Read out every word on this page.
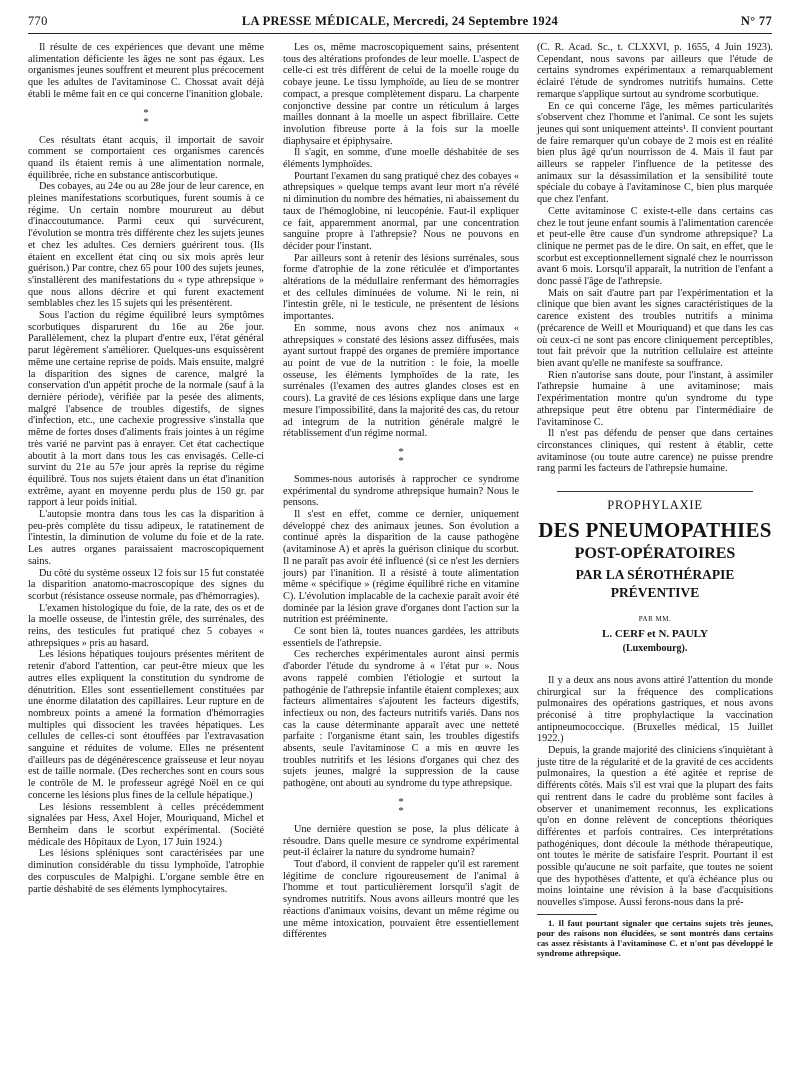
770	LA PRESSE MÉDICALE, Mercredi, 24 Septembre 1924	N° 77

Il résulte de ces expériences que devant une même alimentation déficiente les âges ne sont pas égaux. Les organismes jeunes souffrent et meurent plus précocement que les adultes de l'avitaminose C. Chossat avait déjà établi le même fait en ce qui concerne l'inanition globale.

*
*

Ces résultats étant acquis, il importait de savoir comment se comportaient ces organismes carencés quand ils étaient remis à une alimentation normale, équilibrée, riche en substance antiscorbutique.

Des cobayes, au 24e ou au 28e jour de leur carence, en pleines manifestations scorbutiques, furent soumis à ce régime. Un certain nombre mourureut au début d'inaccoutumance. Parmi ceux qui survécurent, l'évolution se montra très différente chez les sujets jeunes et chez les adultes. Ces derniers guérirent tous. (Ils étaient en excellent état cinq ou six mois après leur guérison.) Par contre, chez 65 pour 100 des sujets jeunes, s'installèrent des manifestations du « type athrepsique » que nous allons décrire et qui furent exactement semblables chez les 15 sujets qui les présentèrent.

Sous l'action du régime équilibré leurs symptômes scorbutiques disparurent du 16e au 26e jour. Parallèlement, chez la plupart d'entre eux, l'état général parut légèrement s'améliorer. Quelques-uns esquissèrent même une certaine reprise de poids. Mais ensuite, malgré la disparition des signes de carence, malgré la conservation d'un appétit proche de la normale (sauf à la dernière période), vérifiée par la pesée des aliments, malgré l'absence de troubles digestifs, de signes d'infection, etc., une cachexie progressive s'installa que même de fortes doses d'aliments frais jointes à un régime très varié ne parvint pas à enrayer. Cet état cachectique aboutit à la mort dans tous les cas envisagés. Celle-ci survint du 21e au 57e jour après la reprise du régime équilibré. Tous nos sujets étaient dans un état d'inanition extrême, ayant en moyenne perdu plus de 150 gr. par rapport à leur poids initial.

L'autopsie montra dans tous les cas la disparition à peu-près complète du tissu adipeux, le ratatinement de l'intestin, la diminution de volume du foie et de la rate. Les autres organes paraissaient macroscopiquement sains.

Du côté du système osseux 12 fois sur 15 fut constatée la disparition anatomo-macroscopique des signes du scorbut (résistance osseuse normale, pas d'hémorragies).

L'examen histologique du foie, de la rate, des os et de la moelle osseuse, de l'intestin grêle, des surrénales, des reins, des testicules fut pratiqué chez 5 cobayes « athrepsiques » pris au hasard.

Les lésions hépatiques toujours présentes méritent de retenir d'abord l'attention, car peut-être mieux que les autres elles expliquent la constitution du syndrome de dénutrition. Elles sont essentiellement constituées par une énorme dilatation des capillaires. Leur rupture en de nombreux points a amené la formation d'hémorragies multiples qui dissocient les travées hépatiques. Les cellules de celles-ci sont étouffées par l'extravasation sanguine et réduites de volume. Elles ne présentent d'ailleurs pas de dégénérescence graisseuse et leur noyau est de taille normale. (Des recherches sont en cours sous le contrôle de M. le professeur agrégé Noël en ce qui concerne les lésions plus fines de la cellule hépatique.)

Les lésions ressemblent à celles précédemment signalées par Hess, Axel Hojer, Mouriquand, Michel et Bernheim dans le scorbut expérimental. (Société médicale des Hôpitaux de Lyon, 17 Juin 1924.)

Les lésions spléniques sont caractérisées par une diminution considérable du tissu lymphoïde, l'atrophie des corpuscules de Malpighi. L'organe semble être en partie déshabité de ses éléments lymphocytaires.

Les os, même macroscopiquement sains, présentent tous des altérations profondes de leur moelle. L'aspect de celle-ci est très différent de celui de la moelle rouge du cobaye jeune. Le tissu lymphoïde, au lieu de se montrer compact, a presque complètement disparu. La charpente conjonctive dessine par contre un réticulum à larges mailles donnant à la moelle un aspect fibrillaire. Cette involution fibreuse porte à la fois sur la moelle diaphysaire et épiphysaire.

Il s'agit, en somme, d'une moelle déshabitée de ses éléments lymphoïdes.

Pourtant l'examen du sang pratiqué chez des cobayes « athrepsiques » quelque temps avant leur mort n'a révélé ni diminution du nombre des hématies, ni abaissement du taux de l'hémoglobine, ni leucopénie. Faut-il expliquer ce fait, apparemment anormal, par une concentration sanguine propre à l'athrepsie? Nous ne pouvons en décider pour l'instant.

Par ailleurs sont à retenir des lésions surrénales, sous forme d'atrophie de la zone réticulée et d'importantes altérations de la médullaire renfermant des hémorragies et des cellules diminuées de volume. Ni le rein, ni l'intestin grêle, ni le testicule, ne présentent de lésions importantes.

En somme, nous avons chez nos animaux « athrepsiques » constaté des lésions assez diffusées, mais ayant surtout frappé des organes de première importance au point de vue de la nutrition : le foie, la moelle osseuse, les éléments lymphoïdes de la rate, les surrénales (l'examen des autres glandes closes est en cours). La gravité de ces lésions explique dans une large mesure l'impossibilité, dans la majorité des cas, du retour ad integrum de la nutrition générale malgré le rétablissement d'un régime normal.

*
*

Sommes-nous autorisés à rapprocher ce syndrome expérimental du syndrome athrepsique humain? Nous le pensons.

Il s'est en effet, comme ce dernier, uniquement développé chez des animaux jeunes. Son évolution a continué après la disparition de la cause pathogène (avitaminose A) et après la guérison clinique du scorbut. Il ne paraît pas avoir été influencé (si ce n'est les derniers jours) par l'inanition. Il a résisté à toute alimentation même « spécifique » (régime équilibré riche en vitamine C). L'évolution implacable de la cachexie paraît avoir été dominée par la lésion grave d'organes dont l'action sur la nutrition est prééminente.

Ce sont bien là, toutes nuances gardées, les attributs essentiels de l'athrepsie.

Ces recherches expérimentales auront ainsi permis d'aborder l'étude du syndrome à « l'état pur ». Nous avons rappelé combien l'étiologie et surtout la pathogénie de l'athrepsie infantile étaient complexes; aux facteurs alimentaires s'ajoutent les facteurs digestifs, infectieux ou non, des facteurs nutritifs variés. Dans nos cas la cause déterminante apparaît avec une netteté parfaite : l'organisme étant sain, les troubles digestifs absents, seule l'avitaminose C a mis en œuvre les troubles nutritifs et les lésions d'organes qui chez des sujets jeunes, malgré la suppression de la cause pathogène, ont abouti au syndrome du type athrepsique.

*
*

Une dernière question se pose, la plus délicate à résoudre. Dans quelle mesure ce syndrome expérimental peut-il éclairer la nature du syndrome humain?

Tout d'abord, il convient de rappeler qu'il est rarement légitime de conclure rigoureusement de l'animal à l'homme et tout particulièrement lorsqu'il s'agit de syndromes nutritifs. Nous avons ailleurs montré que les réactions d'animaux voisins, devant un même régime ou une même intoxication, pouvaient être essentiellement différentes

(C. R. Acad. Sc., t. CLXXVI, p. 1655, 4 Juin 1923). Cependant, nous savons par ailleurs que l'étude de certains syndromes expérimentaux a remarquablement éclairé l'étude de syndromes nutritifs humains. Cette remarque s'applique surtout au syndrome scorbutique.

En ce qui concerne l'âge, les mêmes particularités s'observent chez l'homme et l'animal. Ce sont les sujets jeunes qui sont uniquement atteints¹. Il convient pourtant de faire remarquer qu'un cobaye de 2 mois est en réalité bien plus âgé qu'un nourrisson de 4. Mais il faut par ailleurs se rappeler l'influence de la petitesse des animaux sur la désassimilation et la sensibilité toute spéciale du cobaye à l'avitaminose C, bien plus marquée que chez l'enfant.

Cette avitaminose C existe-t-elle dans certains cas chez le tout jeune enfant soumis à l'alimentation carencée et peut-elle être cause d'un syndrome athrepsique? La clinique ne permet pas de le dire. On sait, en effet, que le scorbut est exceptionnellement signalé chez le nourrisson avant 6 mois. Lorsqu'il apparaît, la nutrition de l'enfant a donc passé l'âge de l'athrepsie.

Mais on sait d'autre part par l'expérimentation et la clinique que bien avant les signes caractéristiques de la carence existent des troubles nutritifs a minima (précarence de Weill et Mouriquand) et que dans les cas où ceux-ci ne sont pas encore cliniquement perceptibles, tout fait prévoir que la nutrition cellulaire est atteinte bien avant qu'elle ne manifeste sa souffrance.

Rien n'autorise sans doute, pour l'instant, à assimiler l'athrepsie humaine à une avitaminose; mais l'expérimentation montre qu'un syndrome du type athrepsique peut être obtenu par l'intermédiaire de l'avitaminose C.

Il n'est pas défendu de penser que dans certaines circonstances cliniques, qui restent à établir, cette avitaminose (ou toute autre carence) ne puisse prendre rang parmi les facteurs de l'athrepsie humaine.

PROPHYLAXIE
DES PNEUMOPATHIES
POST-OPÉRATOIRES
PAR LA SÉROTHÉRAPIE PRÉVENTIVE
PAR MM.
L. CERF et N. PAULY
(Luxembourg).

Il y a deux ans nous avons attiré l'attention du monde chirurgical sur la fréquence des complications pulmonaires des opérations gastriques, et nous avons préconisé à titre prophylactique la vaccination antipneumococcique. (Bruxelles médical, 15 Juillet 1922.)

Depuis, la grande majorité des cliniciens s'inquiètant à juste titre de la régularité et de la gravité de ces accidents pulmonaires, la question a été agitée et reprise de différents côtés. Mais s'il est vrai que la plupart des faits qui rentrent dans le cadre du problème sont faciles à observer et unanimement reconnus, les explications qu'on en donne relèvent de conceptions théoriques différentes et parfois contraires. Ces interprétations pathogéniques, dont découle la méthode thérapeutique, ont toutes le mérite de satisfaire l'esprit. Pourtant il est possible qu'aucune ne soit parfaite, que toutes ne soient que des hypothèses d'attente, et qu'à échéance plus ou moins lointaine une révision à la base d'acquisitions nouvelles s'impose. Aussi ferons-nous dans la pré-

1. Il faut pourtant signaler que certains sujets très jeunes, pour des raisons non élucidées, se sont montrés dans certains cas assez résistants à l'avitaminose C. et n'ont pas développé le syndrome athrepsique.
